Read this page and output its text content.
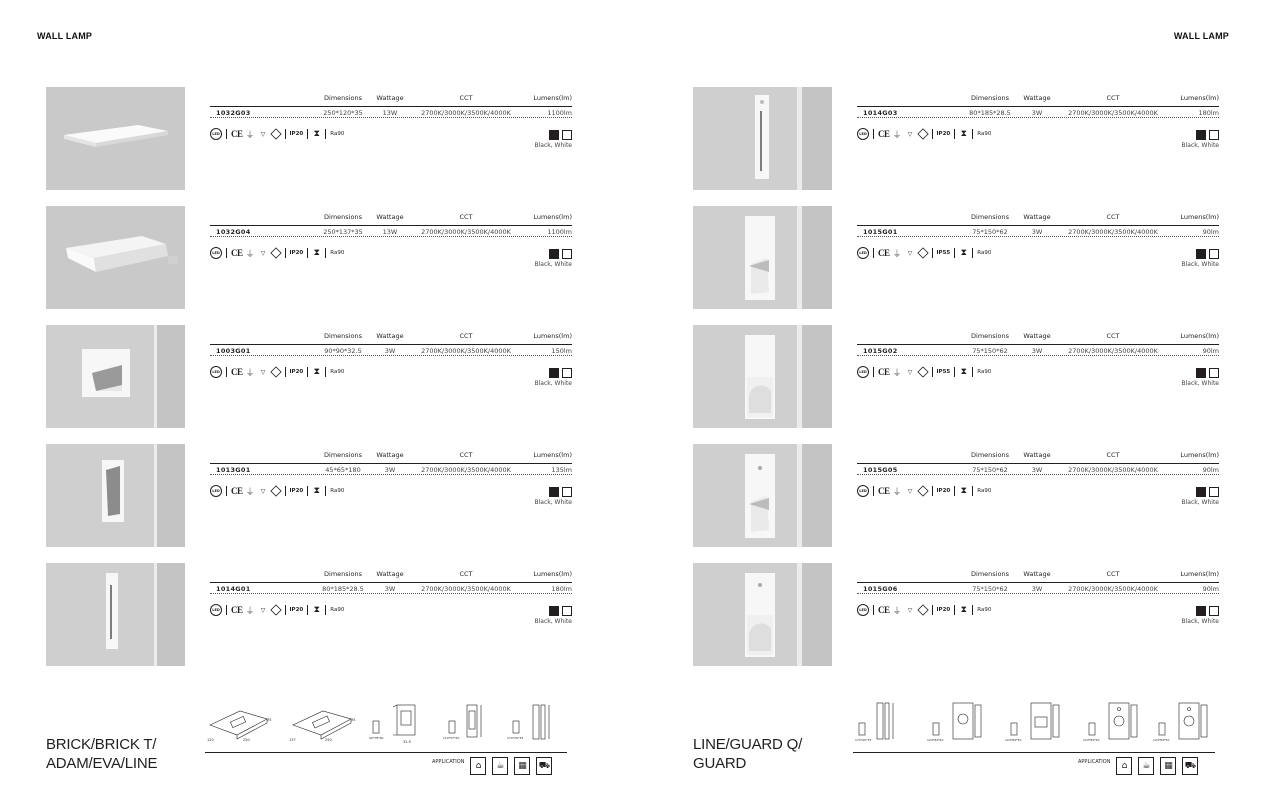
WALL LAMP	WALL LAMP
Dimensions	Wattage	CCT	Lumens(lm)
1032G03	250*120*35	13W	2700K/3000K/3500K/4000K	1100lm
LED CE ⏚	▽	IP20 ⧗ Ra90
Black, White
Dimensions	Wattage	CCT	Lumens(lm)
1032G04	250*137*35	13W	2700K/3000K/3500K/4000K	1100lm
LED CE ⏚	▽	IP20 ⧗ Ra90
Black, White
Dimensions	Wattage	CCT	Lumens(lm)
1003G01	90*90*32.5	3W	2700K/3000K/3500K/4000K	150lm
LED CE ⏚	▽	IP20 ⧗ Ra90
Black, White
Dimensions	Wattage	CCT	Lumens(lm)
1013G01	45*65*180	3W	2700K/3000K/3500K/4000K	135lm
LED CE ⏚	▽	IP20 ⧗ Ra90
Black, White
Dimensions	Wattage	CCT	Lumens(lm)
1014G01	80*185*28.5	3W	2700K/3000K/3500K/4000K	180lm
LED CE ⏚	▽	IP20 ⧗ Ra90
Black, White
Dimensions	Wattage	CCT	Lumens(lm)
1014G03	80*185*28.5	3W	2700K/3000K/3500K/4000K	180lm
LED CE ⏚	▽	IP20 ⧗ Ra90
Black, White
Dimensions	Wattage	CCT	Lumens(lm)
1015G01	75*150*62	3W	2700K/3000K/3500K/4000K	90lm
LED CE ⏚	▽	IP55 ⧗ Ra90
Black, White
Dimensions	Wattage	CCT	Lumens(lm)
1015G02	75*150*62	3W	2700K/3000K/3500K/4000K	90lm
LED CE ⏚	▽	IP55 ⧗ Ra90
Black, White
Dimensions	Wattage	CCT	Lumens(lm)
1015G05	75*150*62	3W	2700K/3000K/3500K/4000K	90lm
LED CE ⏚	▽	IP20 ⧗ Ra90
Black, White
Dimensions	Wattage	CCT	Lumens(lm)
1015G06	75*150*62	3W	2700K/3000K/3500K/4000K	90lm
LED CE ⏚	▽	IP20 ⧗ Ra90
Black, White
BRICK/BRICK T/
ADAM/EVA/LINE
LINE/GUARD Q/
GUARD
120	250
35
137	250
35
90*78*60
32.5
110*57*50	170*20*35	170*20*35	124*84*50	124*84*50	124*84*50	124*84*50
APPLICATION	⌂	☕	▦	⛟	APPLICATION	⌂	☕	▦	⛟
